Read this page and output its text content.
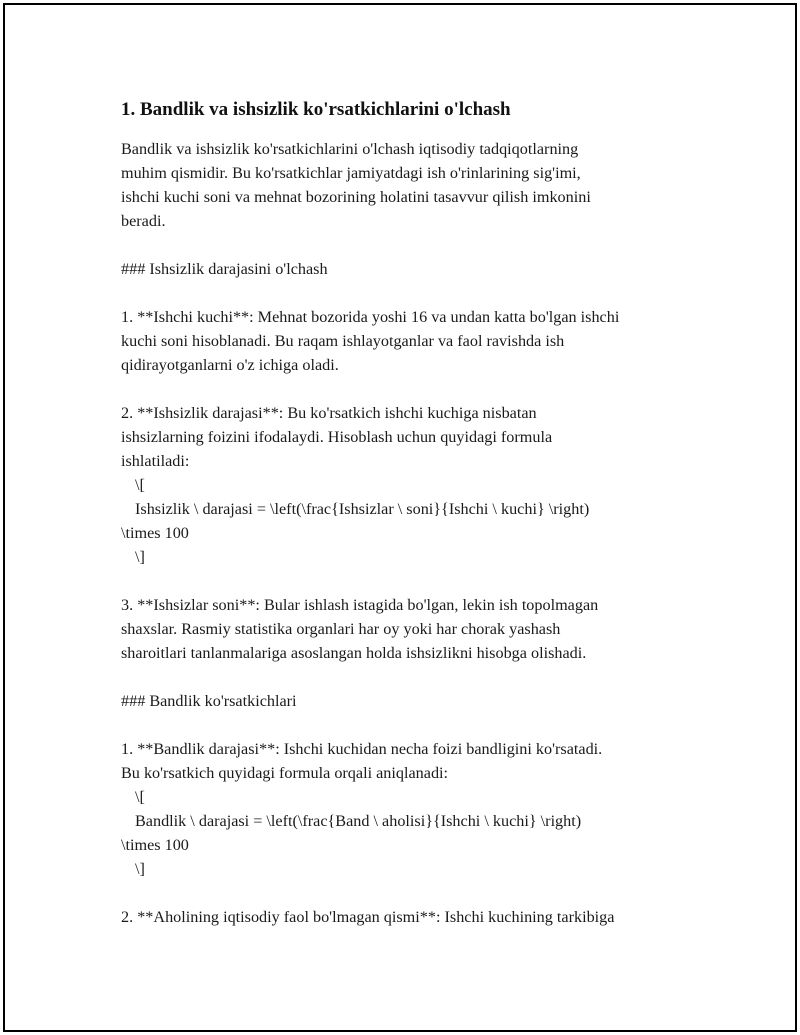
1. Bandlik va ishsizlik ko'rsatkichlarini o'lchash
Bandlik va ishsizlik ko'rsatkichlarini o'lchash iqtisodiy tadqiqotlarning
muhim qismidir. Bu ko'rsatkichlar jamiyatdagi ish o'rinlarining sig'imi,
ishchi kuchi soni va mehnat bozorining holatini tasavvur qilish imkonini
beradi.
### Ishsizlik darajasini o'lchash
1. **Ishchi kuchi**: Mehnat bozorida yoshi 16 va undan katta bo'lgan ishchi
kuchi soni hisoblanadi. Bu raqam ishlayotganlar va faol ravishda ish
qidirayotganlarni o'z ichiga oladi.
2. **Ishsizlik darajasi**: Bu ko'rsatkich ishchi kuchiga nisbatan
ishsizlarning foizini ifodalaydi. Hisoblash uchun quyidagi formula
ishlatiladi:
\[
Ishsizlik \ darajasi = \left(\frac{Ishsizlar \ soni}{Ishchi \ kuchi} \right)
\times 100
\]
3. **Ishsizlar soni**: Bular ishlash istagida bo'lgan, lekin ish topolmagan
shaxslar. Rasmiy statistika organlari har oy yoki har chorak yashash
sharoitlari tanlanmalariga asoslangan holda ishsizlikni hisobga olishadi.
### Bandlik ko'rsatkichlari
1. **Bandlik darajasi**: Ishchi kuchidan necha foizi bandligini ko'rsatadi.
Bu ko'rsatkich quyidagi formula orqali aniqlanadi:
\[
Bandlik \ darajasi = \left(\frac{Band \ aholisi}{Ishchi \ kuchi} \right)
\times 100
\]
2. **Aholining iqtisodiy faol bo'lmagan qismi**: Ishchi kuchining tarkibiga
